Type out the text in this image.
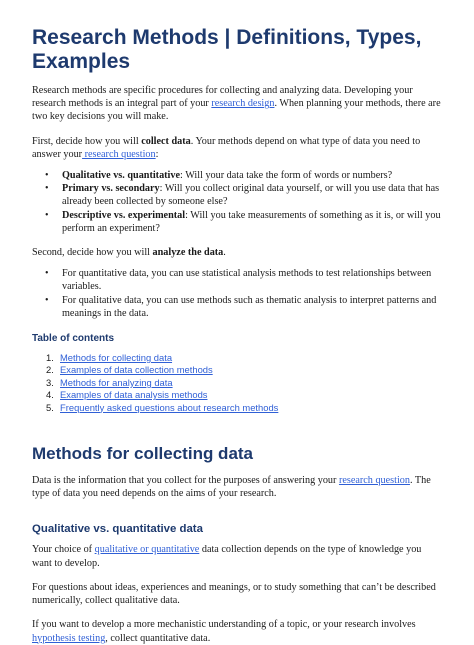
Research Methods | Definitions, Types, Examples

Research methods are specific procedures for collecting and analyzing data. Developing your research methods is an integral part of your research design. When planning your methods, there are two key decisions you will make.

First, decide how you will collect data. Your methods depend on what type of data you need to answer your research question:

• Qualitative vs. quantitative: Will your data take the form of words or numbers?
• Primary vs. secondary: Will you collect original data yourself, or will you use data that has already been collected by someone else?
• Descriptive vs. experimental: Will you take measurements of something as it is, or will you perform an experiment?

Second, decide how you will analyze the data.

• For quantitative data, you can use statistical analysis methods to test relationships between variables.
• For qualitative data, you can use methods such as thematic analysis to interpret patterns and meanings in the data.
Table of contents
1. Methods for collecting data
2. Examples of data collection methods
3. Methods for analyzing data
4. Examples of data analysis methods
5. Frequently asked questions about research methods
Methods for collecting data

Data is the information that you collect for the purposes of answering your research question. The type of data you need depends on the aims of your research.

Qualitative vs. quantitative data

Your choice of qualitative or quantitative data collection depends on the type of knowledge you want to develop.

For questions about ideas, experiences and meanings, or to study something that can’t be described numerically, collect qualitative data.

If you want to develop a more mechanistic understanding of a topic, or your research involves hypothesis testing, collect quantitative data.
